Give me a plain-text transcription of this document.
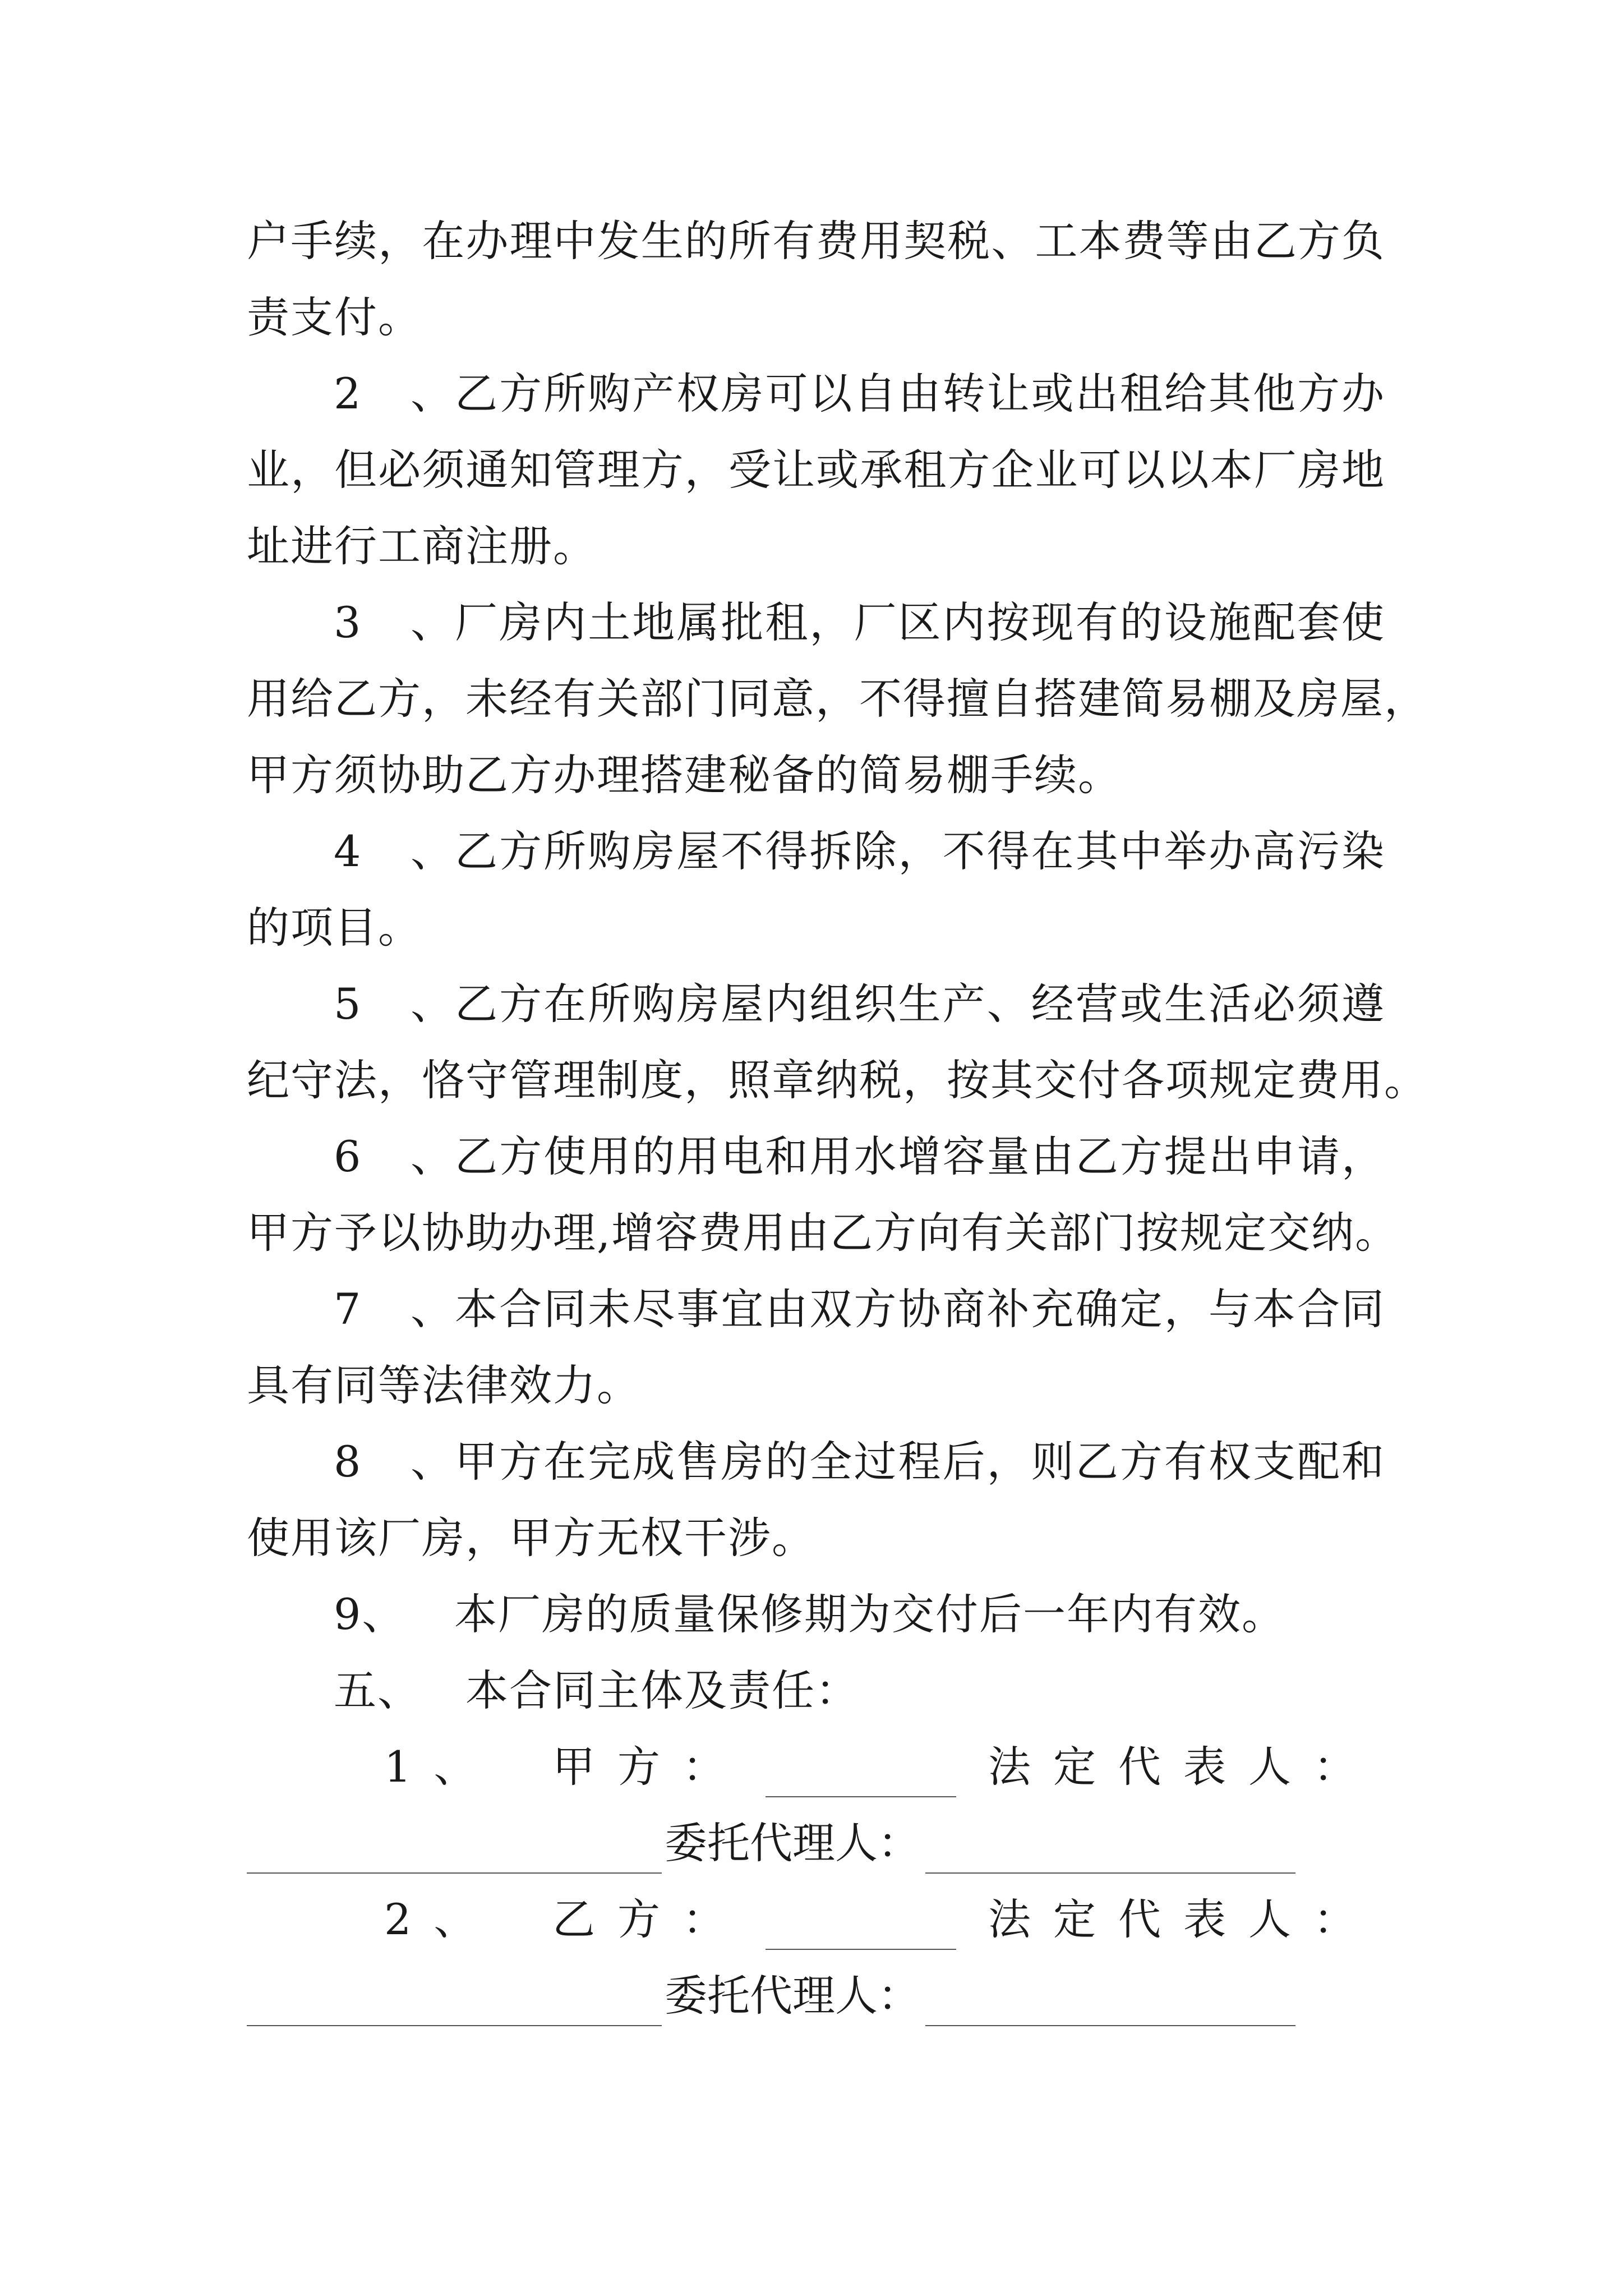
户手续，在办理中发生的所有费用契税、工本费等由乙方负
责支付。
2、乙方所购产权房可以自由转让或出租给其他方办
业，但必须通知管理方，受让或承租方企业可以以本厂房地
址进行工商注册。
3、厂房内土地属批租，厂区内按现有的设施配套使
用给乙方，未经有关部门同意，不得擅自搭建简易棚及房屋，
甲方须协助乙方办理搭建秘备的简易棚手续。
4、乙方所购房屋不得拆除，不得在其中举办高污染
的项目。
5、乙方在所购房屋内组织生产、经营或生活必须遵
纪守法，恪守管理制度，照章纳税，按其交付各项规定费用。
6、乙方使用的用电和用水增容量由乙方提出申请，
甲方予以协助办理,增容费用由乙方向有关部门按规定交纳。
7、本合同未尽事宜由双方协商补充确定，与本合同
具有同等法律效力。
8、甲方在完成售房的全过程后，则乙方有权支配和
使用该厂房，甲方无权干涉。
9、 本厂房的质量保修期为交付后一年内有效。
五、 本合同主体及责任：
1、 甲方：	法定代表人：
委托代理人：
2、 乙方：	法定代表人：
委托代理人：
